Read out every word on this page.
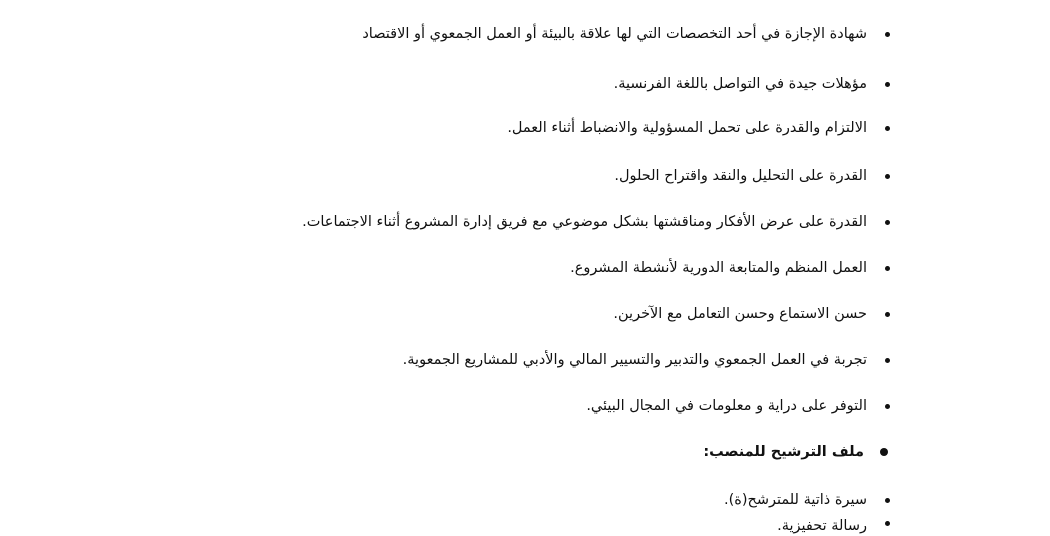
شهادة الإجازة في أحد التخصصات التي لها علاقة بالبيئة أو العمل الجمعوي أو الاقتصاد
مؤهلات جيدة في التواصل باللغة الفرنسية.
الالتزام والقدرة على تحمل المسؤولية والانضباط أثناء العمل.
القدرة على التحليل والنقد واقتراح الحلول.
القدرة على عرض الأفكار ومناقشتها بشكل موضوعي مع فريق إدارة المشروع أثناء الاجتماعات.
العمل المنظم والمتابعة الدورية لأنشطة المشروع.
حسن الاستماع وحسن التعامل مع الآخرين.
تجربة في العمل الجمعوي والتدبير والتسيير المالي والأدبي للمشاريع الجمعوية.
التوفر على دراية و معلومات في المجال البيئي.
ملف الترشيح للمنصب:
سيرة ذاتية للمترشح(ة).
رسالة تحفيزية.
